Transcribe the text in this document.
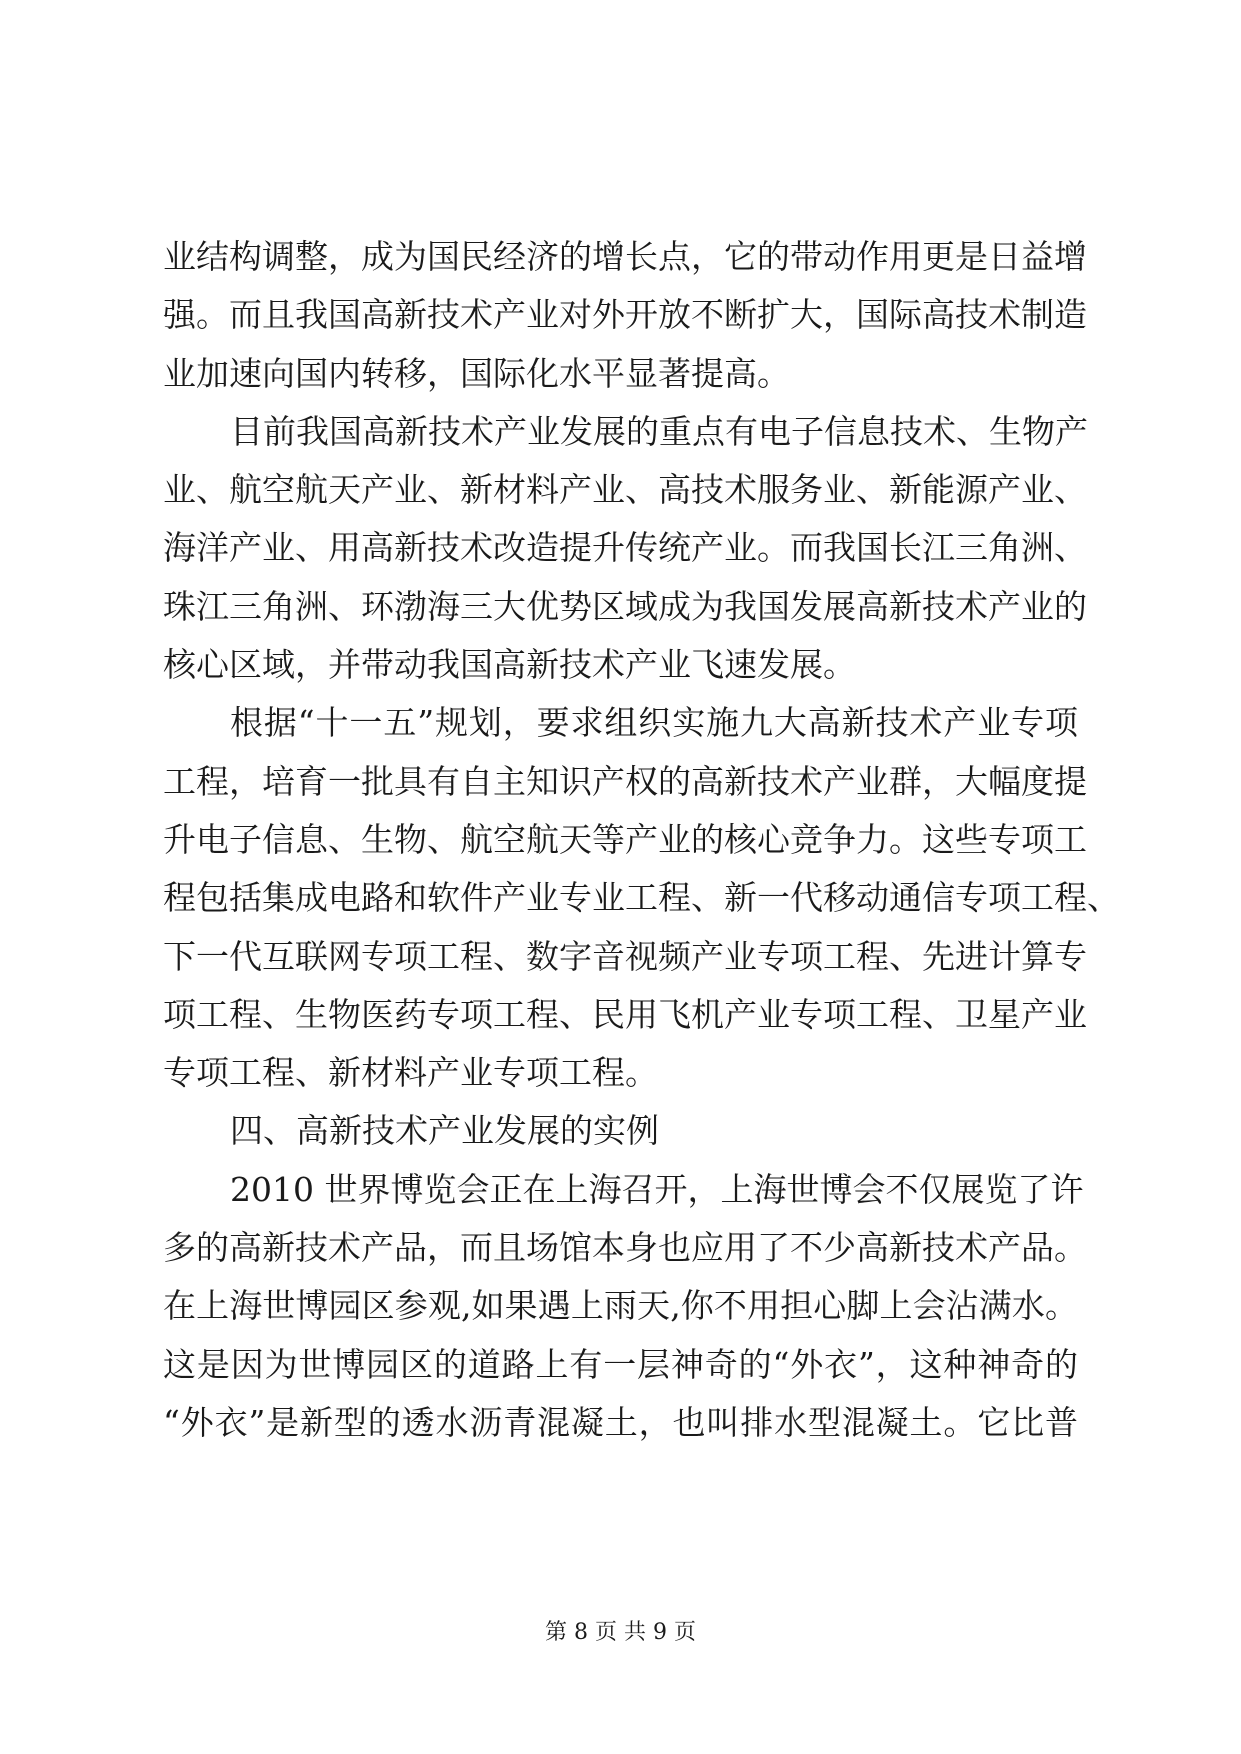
业结构调整，成为国民经济的增长点，它的带动作用更是日益增
强。而且我国高新技术产业对外开放不断扩大，国际高技术制造
业加速向国内转移，国际化水平显著提高。
目前我国高新技术产业发展的重点有电子信息技术、生物产
业、航空航天产业、新材料产业、高技术服务业、新能源产业、
海洋产业、用高新技术改造提升传统产业。而我国长江三角洲、
珠江三角洲、环渤海三大优势区域成为我国发展高新技术产业的
核心区域，并带动我国高新技术产业飞速发展。
根据“十一五”规划，要求组织实施九大高新技术产业专项
工程，培育一批具有自主知识产权的高新技术产业群，大幅度提
升电子信息、生物、航空航天等产业的核心竞争力。这些专项工
程包括集成电路和软件产业专业工程、新一代移动通信专项工程、
下一代互联网专项工程、数字音视频产业专项工程、先进计算专
项工程、生物医药专项工程、民用飞机产业专项工程、卫星产业
专项工程、新材料产业专项工程。
四、高新技术产业发展的实例
2010 世界博览会正在上海召开，上海世博会不仅展览了许
多的高新技术产品，而且场馆本身也应用了不少高新技术产品。
在上海世博园区参观,如果遇上雨天,你不用担心脚上会沾满水。
这是因为世博园区的道路上有一层神奇的“外衣”，这种神奇的
“外衣”是新型的透水沥青混凝土，也叫排水型混凝土。它比普
第 8 页 共 9 页
